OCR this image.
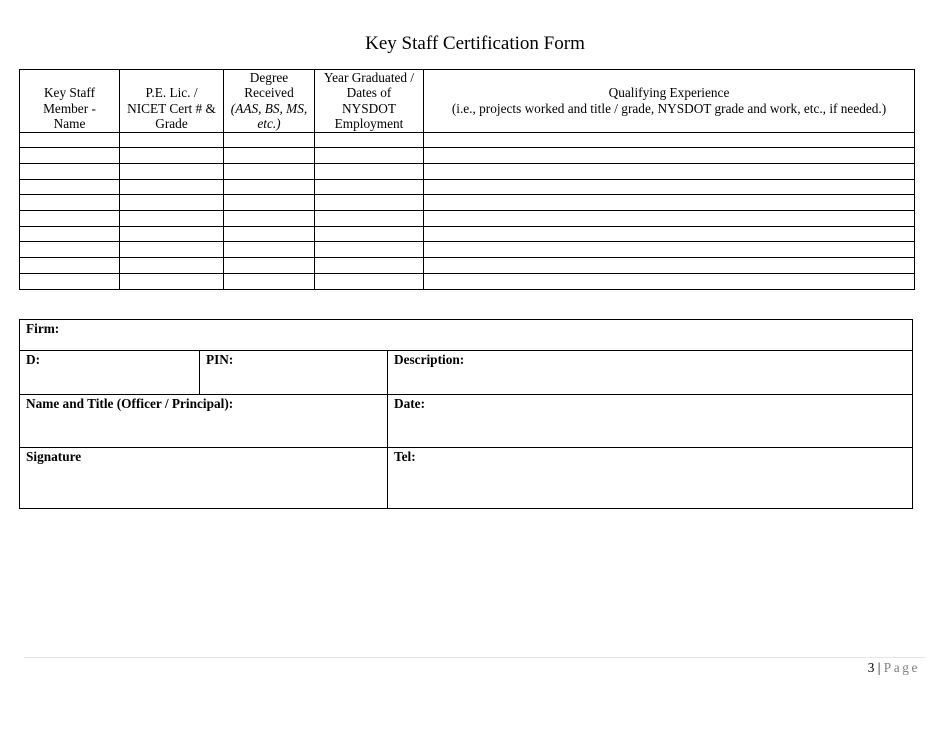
Key Staff Certification Form
Key Staff
Member -
Name	P.E. Lic. /
NICET Cert # &
Grade	Degree
Received
(AAS, BS, MS,
etc.)	Year Graduated /
Dates of
NYSDOT
Employment	Qualifying Experience
(i.e., projects worked and title / grade, NYSDOT grade and work, etc., if needed.)

Firm:		
D:	PIN:	Description:
Name and Title (Officer / Principal):		Date:
Signature		Tel:
3 | Page
